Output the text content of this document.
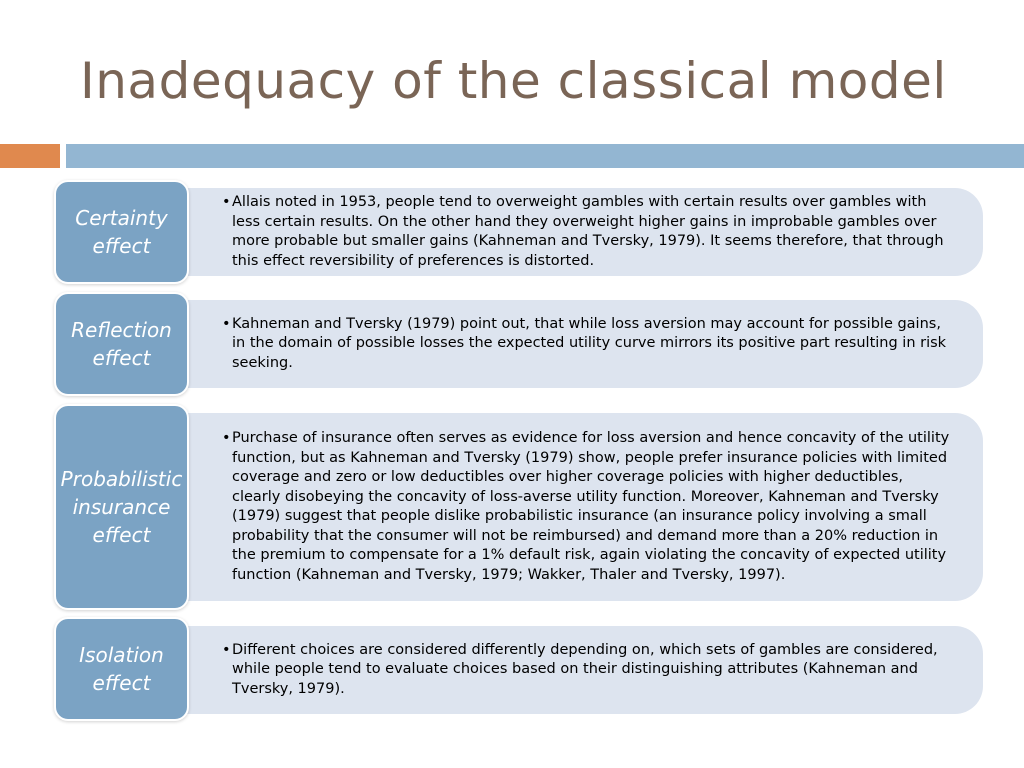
Inadequacy of the classical model
Certainty effect
• Allais noted in 1953, people tend to overweight gambles with certain results over gambles with less certain results. On the other hand they overweight higher gains in improbable gambles over more probable but smaller gains (Kahneman and Tversky, 1979). It seems therefore, that through this effect reversibility of preferences is distorted.
Reflection effect
• Kahneman and Tversky (1979) point out, that while loss aversion may account for possible gains, in the domain of possible losses the expected utility curve mirrors its positive part resulting in risk seeking.
Probabilistic insurance effect
• Purchase of insurance often serves as evidence for loss aversion and hence concavity of the utility function, but as Kahneman and Tversky (1979) show, people prefer insurance policies with limited coverage and zero or low deductibles over higher coverage policies with higher deductibles, clearly disobeying the concavity of loss-averse utility function. Moreover, Kahneman and Tversky (1979) suggest that people dislike probabilistic insurance (an insurance policy involving a small probability that the consumer will not be reimbursed) and demand more than a 20% reduction in the premium to compensate for a 1% default risk, again violating the concavity of expected utility function (Kahneman and Tversky, 1979; Wakker, Thaler and Tversky, 1997).
Isolation effect
• Different choices are considered differently depending on, which sets of gambles are considered, while people tend to evaluate choices based on their distinguishing attributes (Kahneman and Tversky, 1979).
